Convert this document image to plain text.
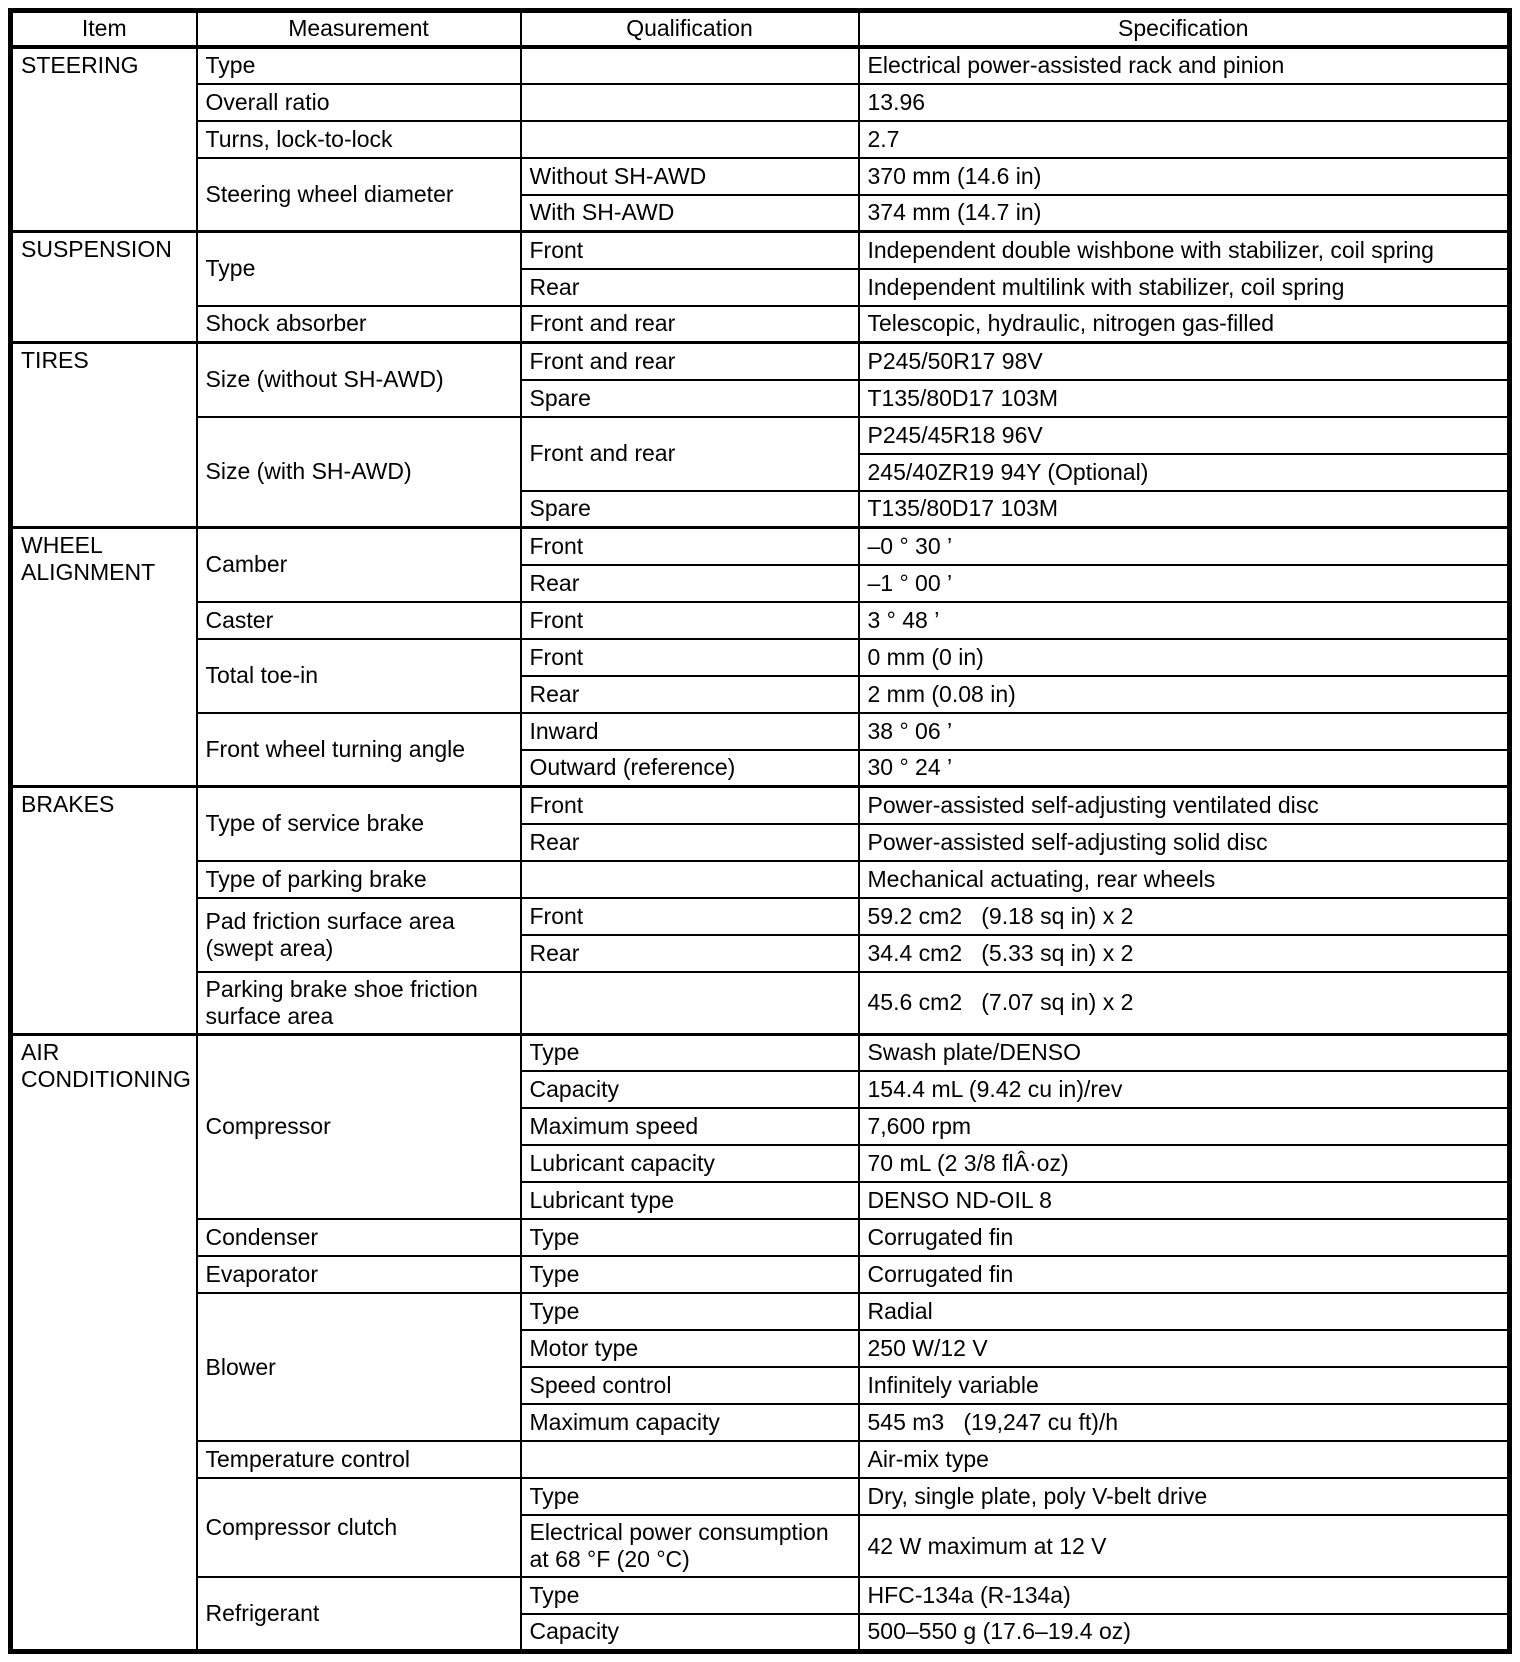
Item	Measurement	Qualification	Specification
STEERING	Type		Electrical power-assisted rack and pinion
	Overall ratio		13.96
	Turns, lock-to-lock		2.7
	Steering wheel diameter	Without SH-AWD	370 mm (14.6 in)
		With SH-AWD	374 mm (14.7 in)
SUSPENSION	Type	Front	Independent double wishbone with stabilizer, coil spring
		Rear	Independent multilink with stabilizer, coil spring
	Shock absorber	Front and rear	Telescopic, hydraulic, nitrogen gas-filled
TIRES	Size (without SH-AWD)	Front and rear	P245/50R17 98V
		Spare	T135/80D17 103M
	Size (with SH-AWD)	Front and rear	P245/45R18 96V
			245/40ZR19 94Y (Optional)
		Spare	T135/80D17 103M
WHEEL ALIGNMENT	Camber	Front	–0 ° 30 ’
		Rear	–1 ° 00 ’
	Caster	Front	3 ° 48 ’
	Total toe-in	Front	0 mm (0 in)
		Rear	2 mm (0.08 in)
	Front wheel turning angle	Inward	38 ° 06 ’
		Outward (reference)	30 ° 24 ’
BRAKES	Type of service brake	Front	Power-assisted self-adjusting ventilated disc
		Rear	Power-assisted self-adjusting solid disc
	Type of parking brake		Mechanical actuating, rear wheels
	Pad friction surface area (swept area)	Front	59.2 cm2   (9.18 sq in) x 2
		Rear	34.4 cm2   (5.33 sq in) x 2
	Parking brake shoe friction surface area		45.6 cm2   (7.07 sq in) x 2
AIR CONDITIONING	Compressor	Type	Swash plate/DENSO
		Capacity	154.4 mL (9.42 cu in)/rev
		Maximum speed	7,600 rpm
		Lubricant capacity	70 mL (2 3/8 flÂ·oz)
		Lubricant type	DENSO ND-OIL 8
	Condenser	Type	Corrugated fin
	Evaporator	Type	Corrugated fin
	Blower	Type	Radial
		Motor type	250 W/12 V
		Speed control	Infinitely variable
		Maximum capacity	545 m3   (19,247 cu ft)/h
	Temperature control		Air-mix type
	Compressor clutch	Type	Dry, single plate, poly V-belt drive
		Electrical power consumption at 68 °F (20 °C)	42 W maximum at 12 V
	Refrigerant	Type	HFC-134a (R-134a)
		Capacity	500–550 g (17.6–19.4 oz)
